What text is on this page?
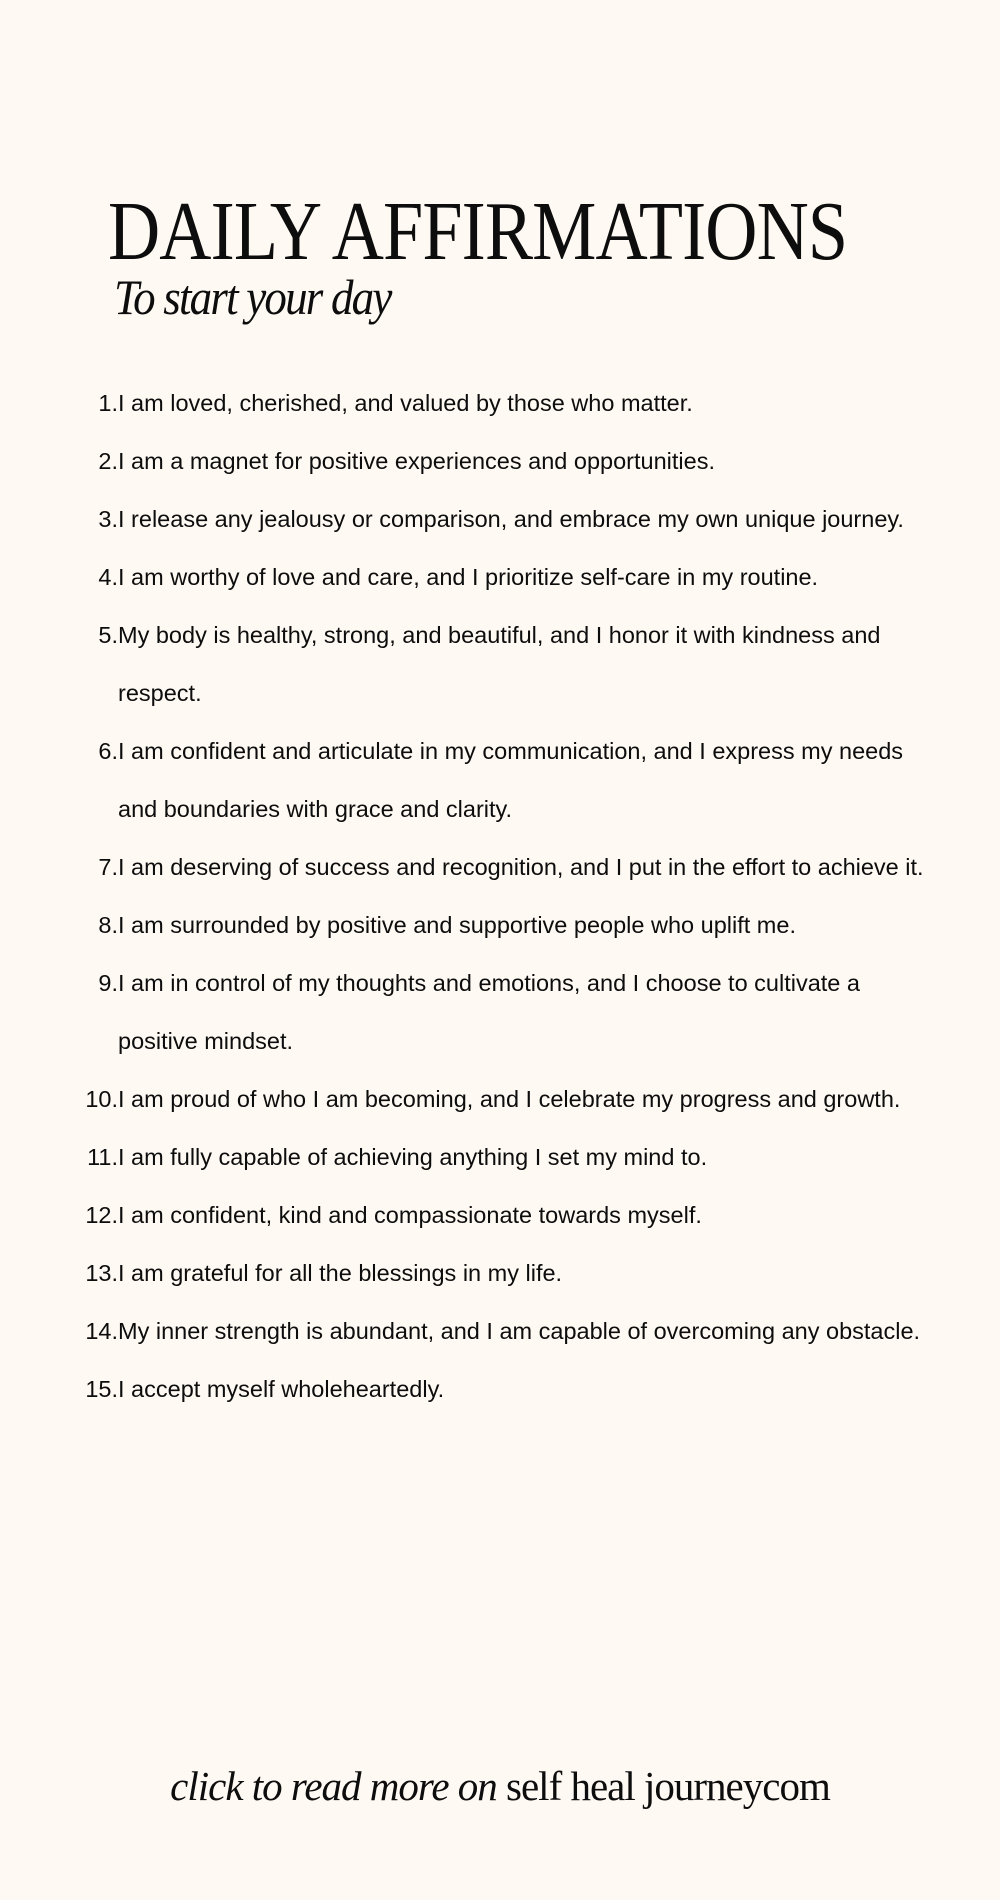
DAILY AFFIRMATIONS
To start your day
1. I am loved, cherished, and valued by those who matter.
2. I am a magnet for positive experiences and opportunities.
3. I release any jealousy or comparison, and embrace my own unique journey.
4. I am worthy of love and care, and I prioritize self-care in my routine.
5. My body is healthy, strong, and beautiful, and I honor it with kindness and respect.
6. I am confident and articulate in my communication, and I express my needs and boundaries with grace and clarity.
7. I am deserving of success and recognition, and I put in the effort to achieve it.
8. I am surrounded by positive and supportive people who uplift me.
9. I am in control of my thoughts and emotions, and I choose to cultivate a positive mindset.
10. I am proud of who I am becoming, and I celebrate my progress and growth.
11. I am fully capable of achieving anything I set my mind to.
12. I am confident, kind and compassionate towards myself.
13. I am grateful for all the blessings in my life.
14. My inner strength is abundant, and I am capable of overcoming any obstacle.
15. I accept myself wholeheartedly.
click to read more on self heal journeycom
